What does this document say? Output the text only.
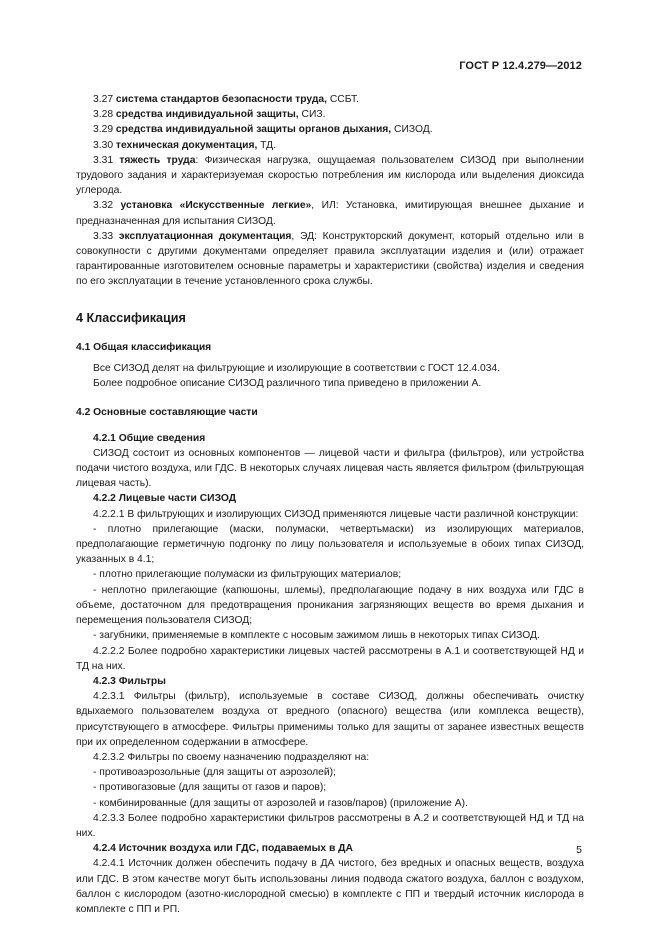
ГОСТ Р 12.4.279—2012

3.27 система стандартов безопасности труда, ССБТ.

3.28 средства индивидуальной защиты, СИЗ.

3.29 средства индивидуальной защиты органов дыхания, СИЗОД.

3.30 техническая документация, ТД.

3.31 тяжесть труда: Физическая нагрузка, ощущаемая пользователем СИЗОД при выполнении трудового задания и характеризуемая скоростью потребления им кислорода или выделения диоксида углерода.

3.32 установка «Искусственные легкие», ИЛ: Установка, имитирующая внешнее дыхание и предназначенная для испытания СИЗОД.

3.33 эксплуатационная документация, ЭД: Конструкторский документ, который отдельно или в совокупности с другими документами определяет правила эксплуатации изделия и (или) отражает гарантированные изготовителем основные параметры и характеристики (свойства) изделия и сведения по его эксплуатации в течение установленного срока службы.

4 Классификация
4.1 Общая классификация

Все СИЗОД делят на фильтрующие и изолирующие в соответствии с ГОСТ 12.4.034.

Более подробное описание СИЗОД различного типа приведено в приложении А.

4.2 Основные составляющие части
4.2.1 Общие сведения

СИЗОД состоит из основных компонентов — лицевой части и фильтра (фильтров), или устройства подачи чистого воздуха, или ГДС. В некоторых случаях лицевая часть является фильтром (фильтрующая лицевая часть).

4.2.2 Лицевые части СИЗОД

4.2.2.1 В фильтрующих и изолирующих СИЗОД применяются лицевые части различной конструкции:

- плотно прилегающие (маски, полумаски, четвертьмаски) из изолирующих материалов, предполагающие герметичную подгонку по лицу пользователя и используемые в обоих типах СИЗОД, указанных в 4.1;

- плотно прилегающие полумаски из фильтрующих материалов;

- неплотно прилегающие (капюшоны, шлемы), предполагающие подачу в них воздуха или ГДС в объеме, достаточном для предотвращения проникания загрязняющих веществ во время дыхания и перемещения пользователя СИЗОД;

- загубники, применяемые в комплекте с носовым зажимом лишь в некоторых типах СИЗОД.

4.2.2.2 Более подробно характеристики лицевых частей рассмотрены в А.1 и соответствующей НД и ТД на них.

4.2.3 Фильтры

4.2.3.1 Фильтры (фильтр), используемые в составе СИЗОД, должны обеспечивать очистку вдыхаемого пользователем воздуха от вредного (опасного) вещества (или комплекса веществ), присутствующего в атмосфере. Фильтры применимы только для защиты от заранее известных веществ при их определенном содержании в атмосфере.

4.2.3.2 Фильтры по своему назначению подразделяют на:

- противоаэрозольные (для защиты от аэрозолей);

- противогазовые (для защиты от газов и паров);

- комбинированные (для защиты от аэрозолей и газов/паров) (приложение А).

4.2.3.3 Более подробно характеристики фильтров рассмотрены в А.2 и соответствующей НД и ТД на них.

4.2.4 Источник воздуха или ГДС, подаваемых в ДА

4.2.4.1 Источник должен обеспечить подачу в ДА чистого, без вредных и опасных веществ, воздуха или ГДС. В этом качестве могут быть использованы линия подвода сжатого воздуха, баллон с воздухом, баллон с кислородом (азотно-кислородной смесью) в комплекте с ПП и твердый источник кислорода в комплекте с ПП и РП.

5
